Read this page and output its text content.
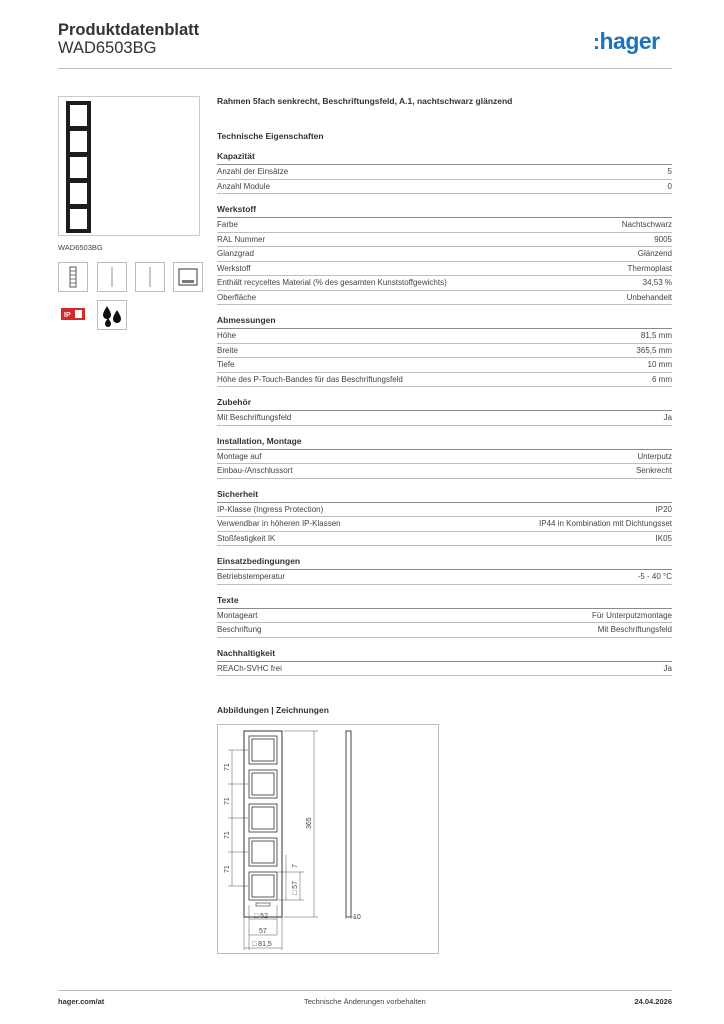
Produktdatenblatt
WAD6503BG	:hager
WAD6503BG
IP
Rahmen 5fach senkrecht, Beschriftungsfeld, A.1, nachtschwarz glänzend
Technische Eigenschaften
Kapazität
Anzahl der Einsätze	5
Anzahl Module	0
Werkstoff
Farbe	Nachtschwarz
RAL Nummer	9005
Glanzgrad	Glänzend
Werkstoff	Thermoplast
Enthält recyceltes Material (% des gesamten Kunststoffgewichts)	34,53 %
Oberfläche	Unbehandelt
Abmessungen
Höhe	81,5 mm
Breite	365,5 mm
Tiefe	10 mm
Höhe des P-Touch-Bandes für das Beschriftungsfeld	6 mm
Zubehör
Mit Beschriftungsfeld	Ja
Installation, Montage
Montage auf	Unterputz
Einbau-/Anschlussort	Senkrecht
Sicherheit
IP-Klasse (Ingress Protection)	IP20
Verwendbar in höheren IP-Klassen	IP44 in Kombination mit Dichtungsset
Stoßfestigkeit IK	IK05
Einsatzbedingungen
Betriebstemperatur	-5 - 40 °C
Texte
Montageart	Für Unterputzmontage
Beschriftung	Mit Beschriftungsfeld
Nachhaltigkeit
REACh-SVHC frei	Ja
Abbildungen | Zeichnungen
71
71
71
71
365
7
□ 57
□ 52
57
□ 81,5
10
hager.com/at	Technische Änderungen vorbehalten	24.04.2026
